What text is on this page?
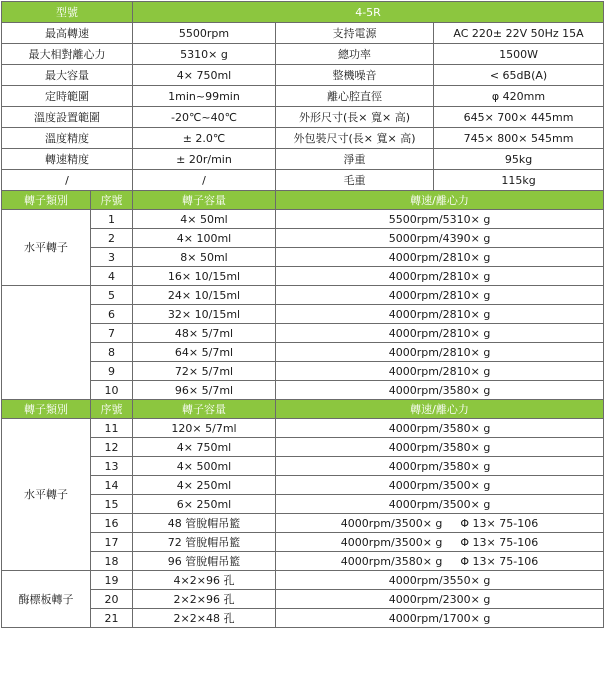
型號		4-5R		
最高轉速		5500rpm	支持電源	AC 220± 22V 50Hz 15A
最大相對離心力		5310× g	總功率	1500W
最大容量		4× 750ml	整機噪音	< 65dB(A)
定時範圍		1min~99min	離心腔直徑	φ 420mm
溫度設置範圍		-20℃~40℃	外形尺寸(長× 寬× 高)	645× 700× 445mm
溫度精度		± 2.0℃	外包裝尺寸(長× 寬× 高)	745× 800× 545mm
轉速精度		± 20r/min	淨重	95kg
/		/	毛重	115kg
轉子類別	序號	轉子容量	轉速/離心力	
水平轉子	1	4× 50ml	5500rpm/5310× g	
	2	4× 100ml	5000rpm/4390× g	
	3	8× 50ml	4000rpm/2810× g	
	4	16× 10/15ml	4000rpm/2810× g	
	5	24× 10/15ml	4000rpm/2810× g	
	6	32× 10/15ml	4000rpm/2810× g	
	7	48× 5/7ml	4000rpm/2810× g	
	8	64× 5/7ml	4000rpm/2810× g	
	9	72× 5/7ml	4000rpm/2810× g	
	10	96× 5/7ml	4000rpm/3580× g	
轉子類別	序號	轉子容量	轉速/離心力	
水平轉子	11	120× 5/7ml	4000rpm/3580× g	
	12	4× 750ml	4000rpm/3580× g	
	13	4× 500ml	4000rpm/3580× g	
	14	4× 250ml	4000rpm/3500× g	
	15	6× 250ml	4000rpm/3500× g	
	16	48 管脫帽吊籃	4000rpm/3500× g Φ 13× 75-106	
	17	72 管脫帽吊籃	4000rpm/3500× g Φ 13× 75-106	
	18	96 管脫帽吊籃	4000rpm/3580× g Φ 13× 75-106	
酶標板轉子	19	4×2×96 孔	4000rpm/3550× g	
	20	2×2×96 孔	4000rpm/2300× g	
	21	2×2×48 孔	4000rpm/1700× g	
